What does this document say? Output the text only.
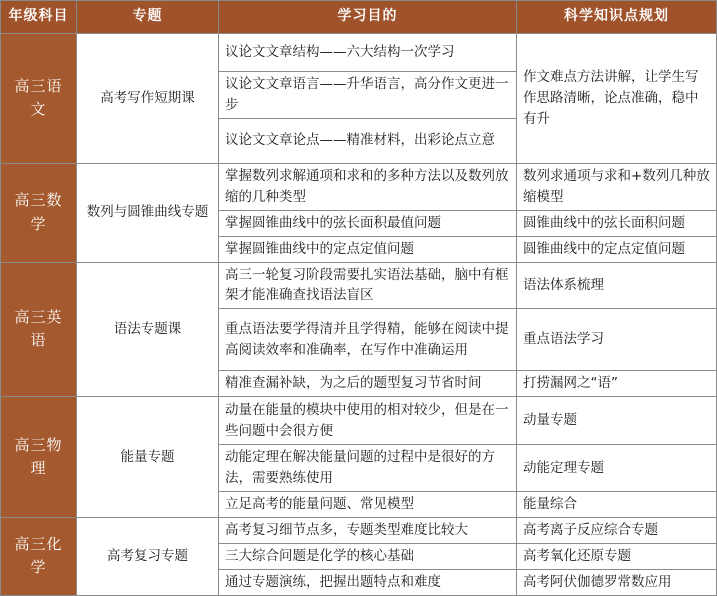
年级科目	专题	学习目的	科学知识点规划
高三语文	高考写作短期课	议论文文章结构——六大结构一次学习	作文难点方法讲解，让学生写作思路清晰，论点准确，稳中有升
		议论文文章语言——升华语言，高分作文更进一步	
		议论文文章论点——精准材料，出彩论点立意	
高三数学	数列与圆锥曲线专题	掌握数列求解通项和求和的多种方法以及数列放缩的几种类型	数列求通项与求和+数列几种放缩模型
		掌握圆锥曲线中的弦长面积最值问题	圆锥曲线中的弦长面积问题
		掌握圆锥曲线中的定点定值问题	圆锥曲线中的定点定值问题
高三英语	语法专题课	高三一轮复习阶段需要扎实语法基础，脑中有框架才能准确查找语法盲区	语法体系梳理
		重点语法要学得清并且学得精，能够在阅读中提高阅读效率和准确率，在写作中准确运用	重点语法学习
		精准查漏补缺，为之后的题型复习节省时间	打捞漏网之“语”
高三物理	能量专题	动量在能量的模块中使用的相对较少，但是在一些问题中会很方便	动量专题
		动能定理在解决能量问题的过程中是很好的方法，需要熟练使用	动能定理专题
		立足高考的能量问题、常见模型	能量综合
高三化学	高考复习专题	高考复习细节点多，专题类型难度比较大	高考离子反应综合专题
		三大综合问题是化学的核心基础	高考氧化还原专题
		通过专题演练，把握出题特点和难度	高考阿伏伽德罗常数应用
